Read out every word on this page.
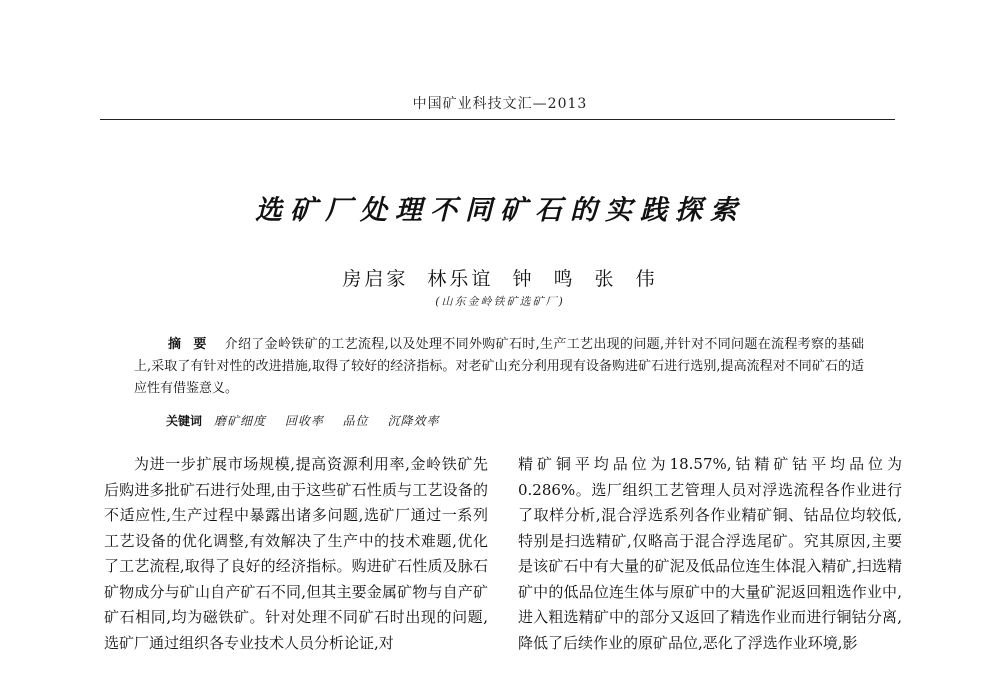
中国矿业科技文汇—2013
选矿厂处理不同矿石的实践探索
房启家 林乐谊 钟 鸣 张 伟
(山东金岭铁矿选矿厂)
摘要 介绍了金岭铁矿的工艺流程,以及处理不同外购矿石时,生产工艺出现的问题,并针对不同问题在流程考察的基础上,采取了有针对性的改进措施,取得了较好的经济指标。对老矿山充分利用现有设备购进矿石进行选别,提高流程对不同矿石的适应性有借鉴意义。
关键词 磨矿细度 回收率 品位 沉降效率

为进一步扩展市场规模,提高资源利用率,金岭铁矿先后购进多批矿石进行处理,由于这些矿石性质与工艺设备的不适应性,生产过程中暴露出诸多问题,选矿厂通过一系列工艺设备的优化调整,有效解决了生产中的技术难题,优化了工艺流程,取得了良好的经济指标。购进矿石性质及脉石矿物成分与矿山自产矿石不同,但其主要金属矿物与自产矿矿石相同,均为磁铁矿。针对处理不同矿石时出现的问题,选矿厂通过组织各专业技术人员分析论证,对

精矿铜平均品位为18.57%,钴精矿钴平均品位为0.286%。选厂组织工艺管理人员对浮选流程各作业进行了取样分析,混合浮选系列各作业精矿铜、钴品位均较低,特别是扫选精矿,仅略高于混合浮选尾矿。究其原因,主要是该矿石中有大量的矿泥及低品位连生体混入精矿,扫选精矿中的低品位连生体与原矿中的大量矿泥返回粗选作业中,进入粗选精矿中的部分又返回了精选作业而进行铜钴分离,降低了后续作业的原矿品位,恶化了浮选作业环境,影
